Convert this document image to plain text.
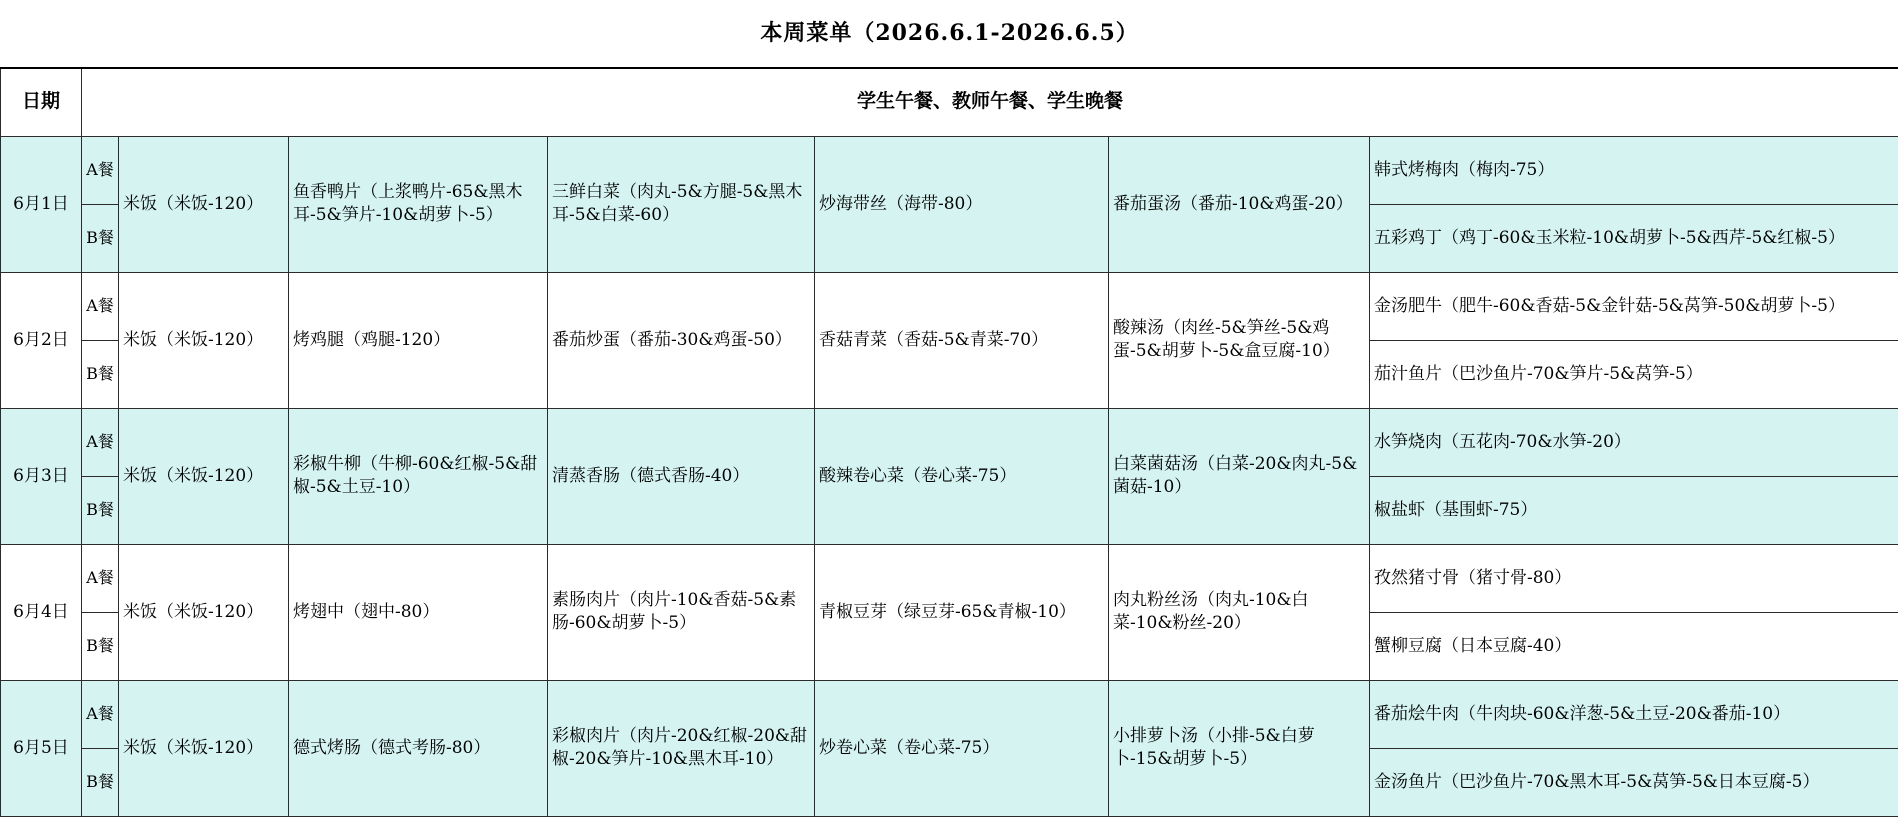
本周菜单（2026.6.1-2026.6.5）							
日期	学生午餐、教师午餐、学生晚餐						
6月1日	A餐	米饭（米饭-120）	鱼香鸭片（上浆鸭片-65&黑木耳-5&笋片-10&胡萝卜-5）	三鲜白菜（肉丸-5&方腿-5&黑木耳-5&白菜-60）	炒海带丝（海带-80）	番茄蛋汤（番茄-10&鸡蛋-20）	韩式烤梅肉（梅肉-75）
	B餐						五彩鸡丁（鸡丁-60&玉米粒-10&胡萝卜-5&西芹-5&红椒-5）
6月2日	A餐	米饭（米饭-120）	烤鸡腿（鸡腿-120）	番茄炒蛋（番茄-30&鸡蛋-50）	香菇青菜（香菇-5&青菜-70）	酸辣汤（肉丝-5&笋丝-5&鸡蛋-5&胡萝卜-5&盒豆腐-10）	金汤肥牛（肥牛-60&香菇-5&金针菇-5&莴笋-50&胡萝卜-5）
	B餐						茄汁鱼片（巴沙鱼片-70&笋片-5&莴笋-5）
6月3日	A餐	米饭（米饭-120）	彩椒牛柳（牛柳-60&红椒-5&甜椒-5&土豆-10）	清蒸香肠（德式香肠-40）	酸辣卷心菜（卷心菜-75）	白菜菌菇汤（白菜-20&肉丸-5&菌菇-10）	水笋烧肉（五花肉-70&水笋-20）
	B餐						椒盐虾（基围虾-75）
6月4日	A餐	米饭（米饭-120）	烤翅中（翅中-80）	素肠肉片（肉片-10&香菇-5&素肠-60&胡萝卜-5）	青椒豆芽（绿豆芽-65&青椒-10）	肉丸粉丝汤（肉丸-10&白菜-10&粉丝-20）	孜然猪寸骨（猪寸骨-80）
	B餐						蟹柳豆腐（日本豆腐-40）
6月5日	A餐	米饭（米饭-120）	德式烤肠（德式考肠-80）	彩椒肉片（肉片-20&红椒-20&甜椒-20&笋片-10&黑木耳-10）	炒卷心菜（卷心菜-75）	小排萝卜汤（小排-5&白萝卜-15&胡萝卜-5）	番茄烩牛肉（牛肉块-60&洋葱-5&土豆-20&番茄-10）
	B餐						金汤鱼片（巴沙鱼片-70&黑木耳-5&莴笋-5&日本豆腐-5）
